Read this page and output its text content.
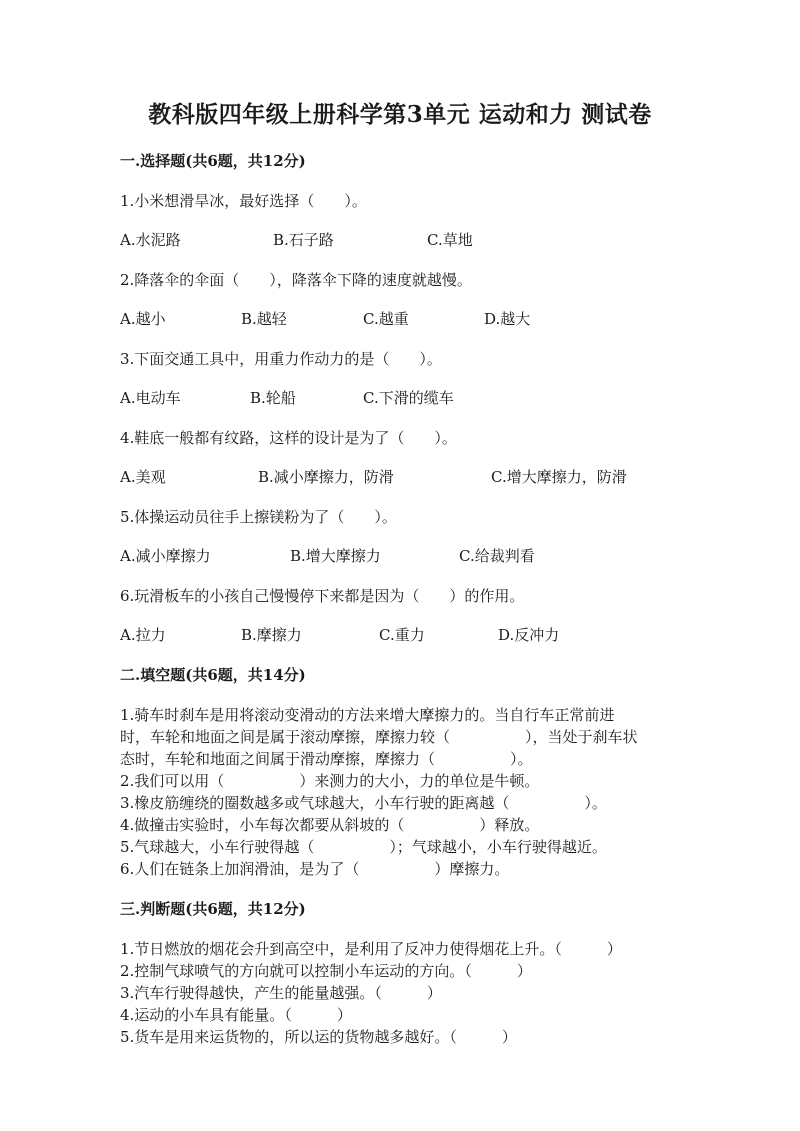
教科版四年级上册科学第3单元 运动和力 测试卷
一.选择题(共6题，共12分)
1.小米想滑旱冰，最好选择（　　）。
A.水泥路	B.石子路	C.草地
2.降落伞的伞面（　　），降落伞下降的速度就越慢。
A.越小	B.越轻	C.越重	D.越大
3.下面交通工具中，用重力作动力的是（　　）。
A.电动车	B.轮船	C.下滑的缆车
4.鞋底一般都有纹路，这样的设计是为了（　　）。
A.美观	B.减小摩擦力，防滑	C.增大摩擦力，防滑
5.体操运动员往手上擦镁粉为了（　　）。
A.减小摩擦力	B.增大摩擦力	C.给裁判看
6.玩滑板车的小孩自己慢慢停下来都是因为（　　）的作用。
A.拉力	B.摩擦力	C.重力	D.反冲力
二.填空题(共6题，共14分)
1.骑车时刹车是用将滚动变滑动的方法来增大摩擦力的。当自行车正常前进
时，车轮和地面之间是属于滚动摩擦，摩擦力较（　　　　　），当处于刹车状
态时，车轮和地面之间属于滑动摩擦，摩擦力（　　　　　）。
2.我们可以用（　　　　　）来测力的大小，力的单位是牛顿。
3.橡皮筋缠绕的圈数越多或气球越大，小车行驶的距离越（　　　　　）。
4.做撞击实验时，小车每次都要从斜坡的（　　　　　）释放。
5.气球越大，小车行驶得越（　　　　　）；气球越小，小车行驶得越近。
6.人们在链条上加润滑油，是为了（　　　　　）摩擦力。
三.判断题(共6题，共12分)
1.节日燃放的烟花会升到高空中，是利用了反冲力使得烟花上升。（　　　）
2.控制气球喷气的方向就可以控制小车运动的方向。（　　　）
3.汽车行驶得越快，产生的能量越强。（　　　）
4.运动的小车具有能量。（　　　）
5.货车是用来运货物的，所以运的货物越多越好。（　　　）
